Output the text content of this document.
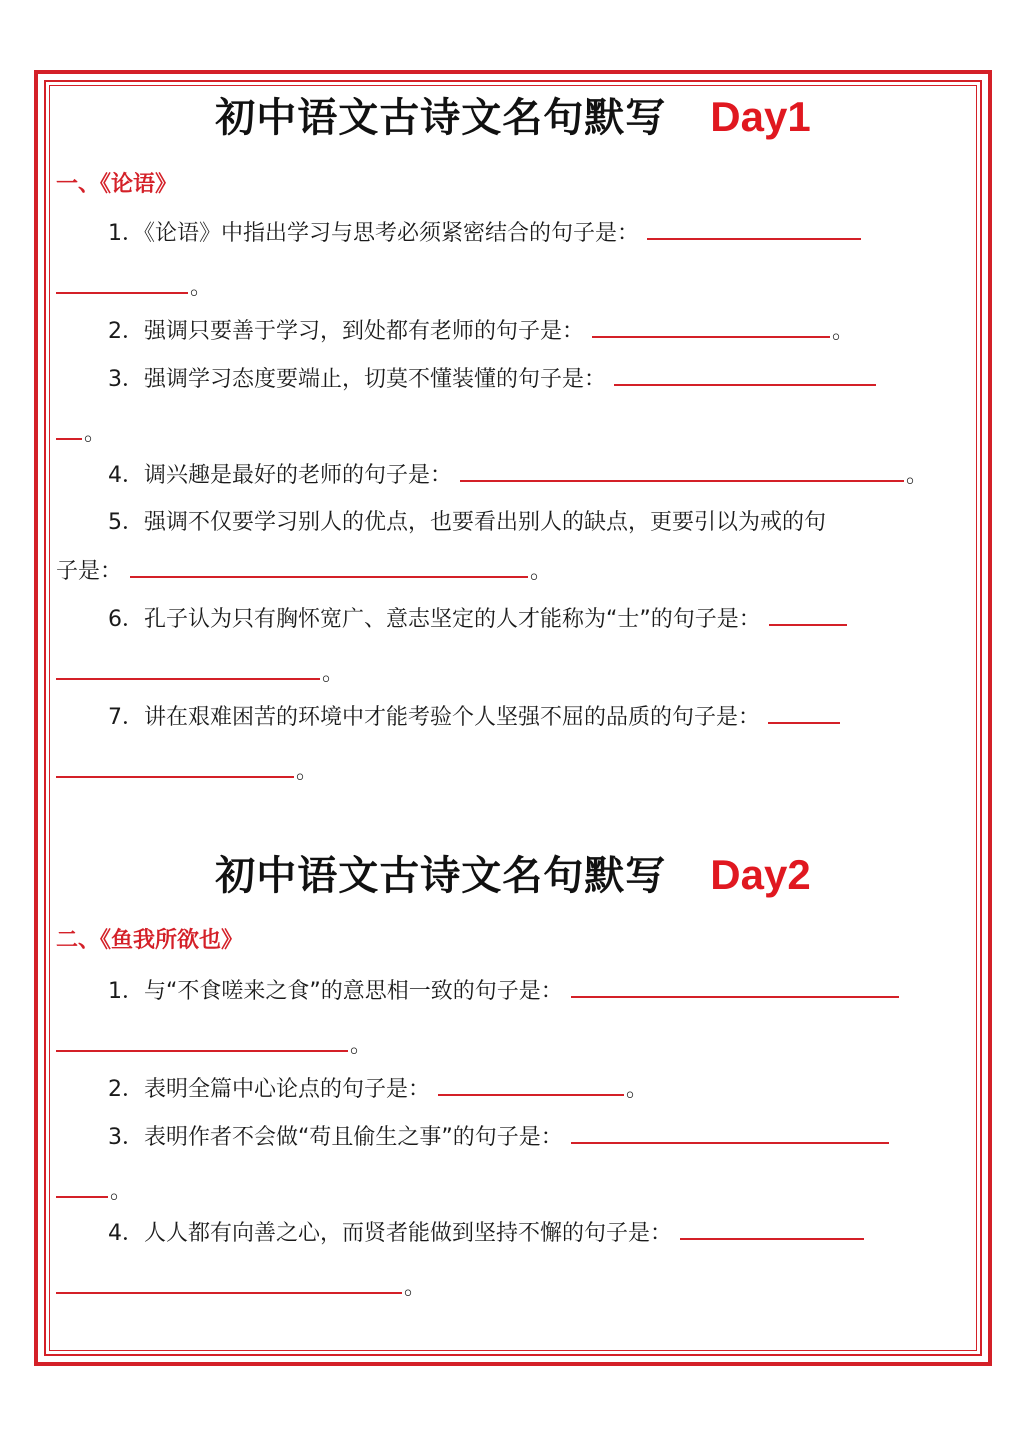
初中语文古诗文名句默写 Day1
一、《论语》
1．《论语》中指出学习与思考必须紧密结合的句子是：
。
2．强调只要善于学习，到处都有老师的句子是：	。
3．强调学习态度要端止，切莫不懂装懂的句子是：
。
4．调兴趣是最好的老师的句子是：	。
5．强调不仅要学习别人的优点，也要看出别人的缺点，更要引以为戒的句
子是：	。
6．孔子认为只有胸怀宽广、意志坚定的人才能称为“士”的句子是：
。
7．讲在艰难困苦的环境中才能考验个人坚强不屈的品质的句子是：
。
初中语文古诗文名句默写 Day2
二、《鱼我所欲也》
1．与“不食嗟来之食”的意思相一致的句子是：
。
2．表明全篇中心论点的句子是：	。
3．表明作者不会做“苟且偷生之事”的句子是：
。
4．人人都有向善之心，而贤者能做到坚持不懈的句子是：
。
